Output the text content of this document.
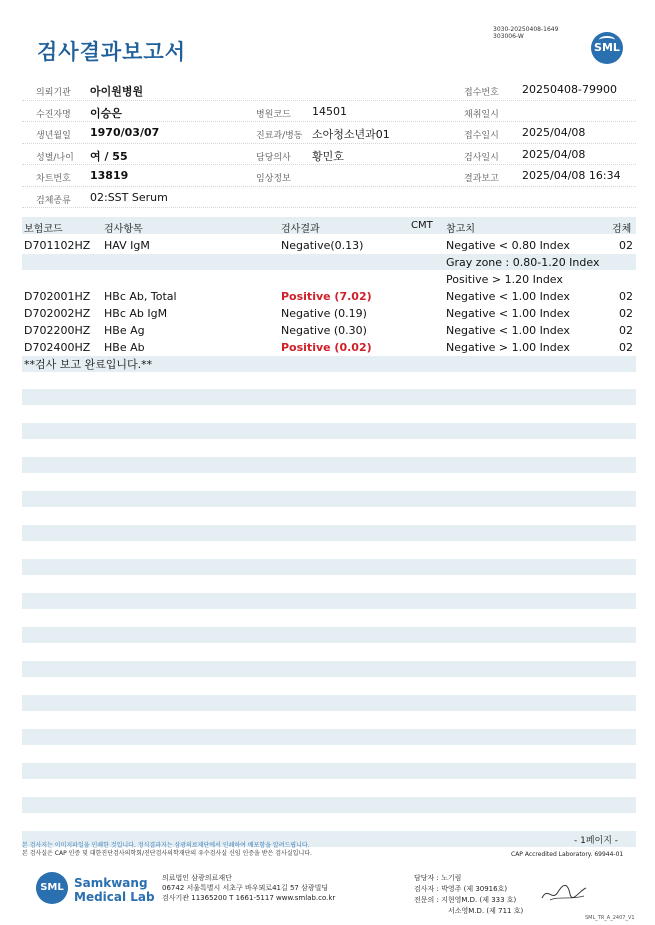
검사결과보고서
3030-20250408-1649
303006-W
SML
의뢰기관 아이원병원	접수번호 20250408-79900
수진자명 이승은	병원코드 14501	채취일시
생년월일 1970/03/07	진료과/병동 소아청소년과01	접수일시 2025/04/08
성별/나이 여 / 55	담당의사 황민호	검사일시 2025/04/08
차트번호 13819	임상정보	결과보고 2025/04/08 16:34
검체종류 02:SST Serum
보험코드	검사항목	검사결과	CMT 참고치	검체
D701102HZ HAV IgM	Negative(0.13)	Negative < 0.80 Index	02
Gray zone : 0.80-1.20 Index
Positive > 1.20 Index
D702001HZ HBc Ab, Total	Positive (7.02)	Negative < 1.00 Index	02
D702002HZ HBc Ab IgM	Negative (0.19)	Negative < 1.00 Index	02
D702200HZ HBe Ag	Negative (0.30)	Negative < 1.00 Index	02
D702400HZ HBe Ab	Positive (0.02)	Negative > 1.00 Index	02
**검사 보고 완료입니다.**
본 검사지는 이미지파일을 인쇄한 것입니다. 정식결과지는 삼광의료재단에서 인쇄하여 배포함을 알려드립니다.
본 검사실은 CAP 인증 및 대한진단검사의학회/진단검사의학재단의 우수검사실 신임 인증을 받은 검사실입니다.
- 1페이지 -
CAP Accredited Laboratory. 69944-01
SML Samkwang
Medical Lab
의료법인 삼광의료재단
06742 서울특별시 서초구 바우뫼로41길 57 삼광빌딩
검사기관 11365200 T 1661-5117 www.smlab.co.kr
담당자 : 노기림
검사자 : 박영주 (제 30916호)
전문의 : 지현영M.D. (제 333 호)
서소영M.D. (제 711 호)
SML_TR_A_2407_V1
